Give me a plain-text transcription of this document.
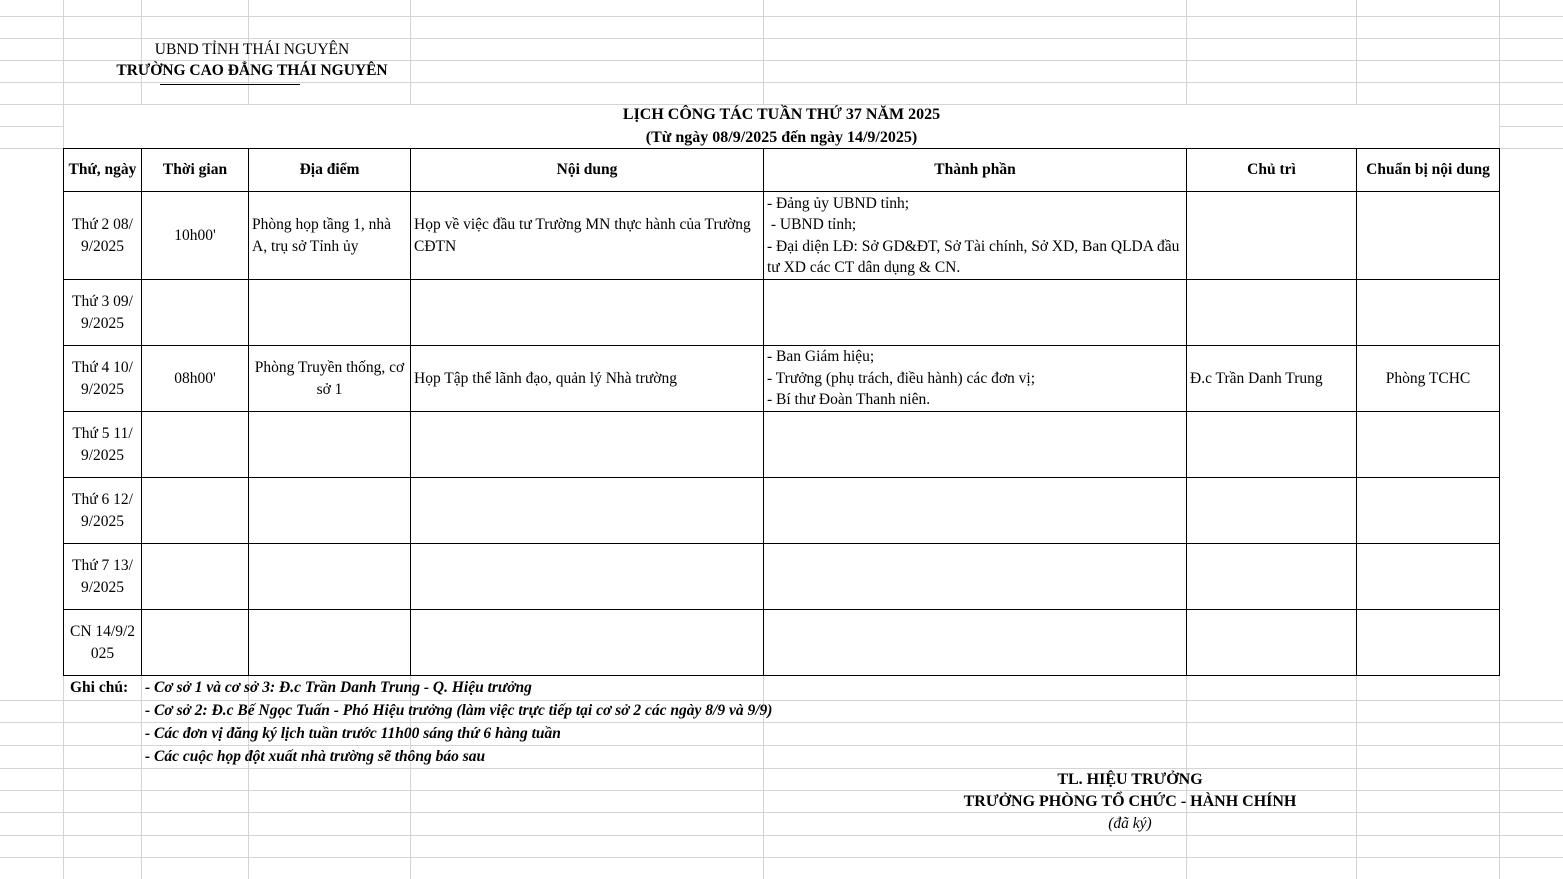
UBND TỈNH THÁI NGUYÊN
TRƯỜNG CAO ĐẲNG THÁI NGUYÊN
LỊCH CÔNG TÁC TUẦN THỨ 37 NĂM 2025
(Từ ngày 08/9/2025 đến ngày 14/9/2025)
Thứ, ngày	Thời gian	Địa điểm	Nội dung	Thành phần	Chủ trì	Chuẩn bị nội dung
Thứ 2 08/9/2025	10h00'	Phòng họp tầng 1, nhà A, trụ sở Tỉnh ủy	Họp về việc đầu tư Trường MN thực hành của Trường CĐTN	- Đảng ủy UBND tỉnh;
- UBND tỉnh;
- Đại diện LĐ: Sở GD&ĐT, Sở Tài chính, Sở XD, Ban QLDA đầu tư XD các CT dân dụng & CN.		

Thứ 3 09/9/2025						
Thứ 4 10/9/2025	08h00'	Phòng Truyền thống, cơ sở 1	Họp Tập thể lãnh đạo, quản lý Nhà trường	- Ban Giám hiệu;
- Trưởng (phụ trách, điều hành) các đơn vị;
- Bí thư Đoàn Thanh niên.	Đ.c Trần Danh Trung	Phòng TCHC
Thứ 5 11/9/2025						
Thứ 6 12/9/2025						
Thứ 7 13/9/2025						
CN 14/9/2025						
Ghi chú: - Cơ sở 1 và cơ sở 3: Đ.c Trần Danh Trung - Q. Hiệu trưởng
- Cơ sở 2: Đ.c Bế Ngọc Tuấn - Phó Hiệu trưởng (làm việc trực tiếp tại cơ sở 2 các ngày 8/9 và 9/9)
- Các đơn vị đăng ký lịch tuần trước 11h00 sáng thứ 6 hàng tuần
- Các cuộc họp đột xuất nhà trường sẽ thông báo sau
TL. HIỆU TRƯỞNG
TRƯỞNG PHÒNG TỔ CHỨC - HÀNH CHÍNH
(đã ký)
